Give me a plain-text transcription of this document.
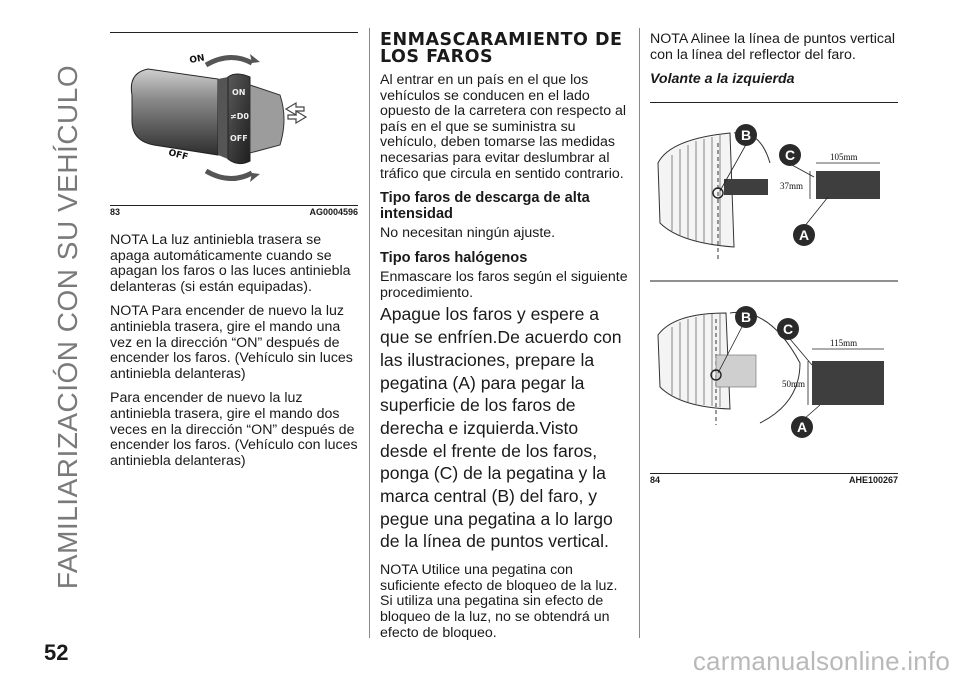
FAMILIARIZACIÓN CON SU VEHÍCULO
ON
OFF
ON
≠D0
OFF
83	AG0004596

NOTA La luz antiniebla trasera se apaga automáticamente cuando se apagan los faros o las luces antiniebla delanteras (si están equipadas).

NOTA Para encender de nuevo la luz antiniebla trasera, gire el mando una vez en la dirección “ON” después de encender los faros. (Vehículo sin luces antiniebla delanteras)

Para encender de nuevo la luz antiniebla trasera, gire el mando dos veces en la dirección “ON” después de encender los faros. (Vehículo con luces antiniebla delanteras)

ENMASCARAMIENTO DE LOS FAROS

Al entrar en un país en el que los vehículos se conducen en el lado opuesto de la carretera con respecto al país en el que se suministra su vehículo, deben tomarse las medidas necesarias para evitar deslumbrar al tráfico que circula en sentido contrario.

Tipo faros de descarga de alta intensidad

No necesitan ningún ajuste.

Tipo faros halógenos

Enmascare los faros según el siguiente procedimiento.

Apague los faros y espere a que se enfríen.De acuerdo con las ilustraciones, prepare la pegatina (A) para pegar la superficie de los faros de derecha e izquierda.Visto desde el frente de los faros, ponga (C) de la pegatina y la marca central (B) del faro, y pegue una pegatina a lo largo de la línea de puntos vertical.

NOTA Utilice una pegatina con suficiente efecto de bloqueo de la luz. Si utiliza una pegatina sin efecto de bloqueo de la luz, no se obtendrá un efecto de bloqueo.

NOTA Alinee la línea de puntos vertical con la línea del reflector del faro.

Volante a la izquierda

105mm
37mm
B
C
A
115mm
50mm
B
C
A
84	AHE100267
52	carmanualsonline.info
